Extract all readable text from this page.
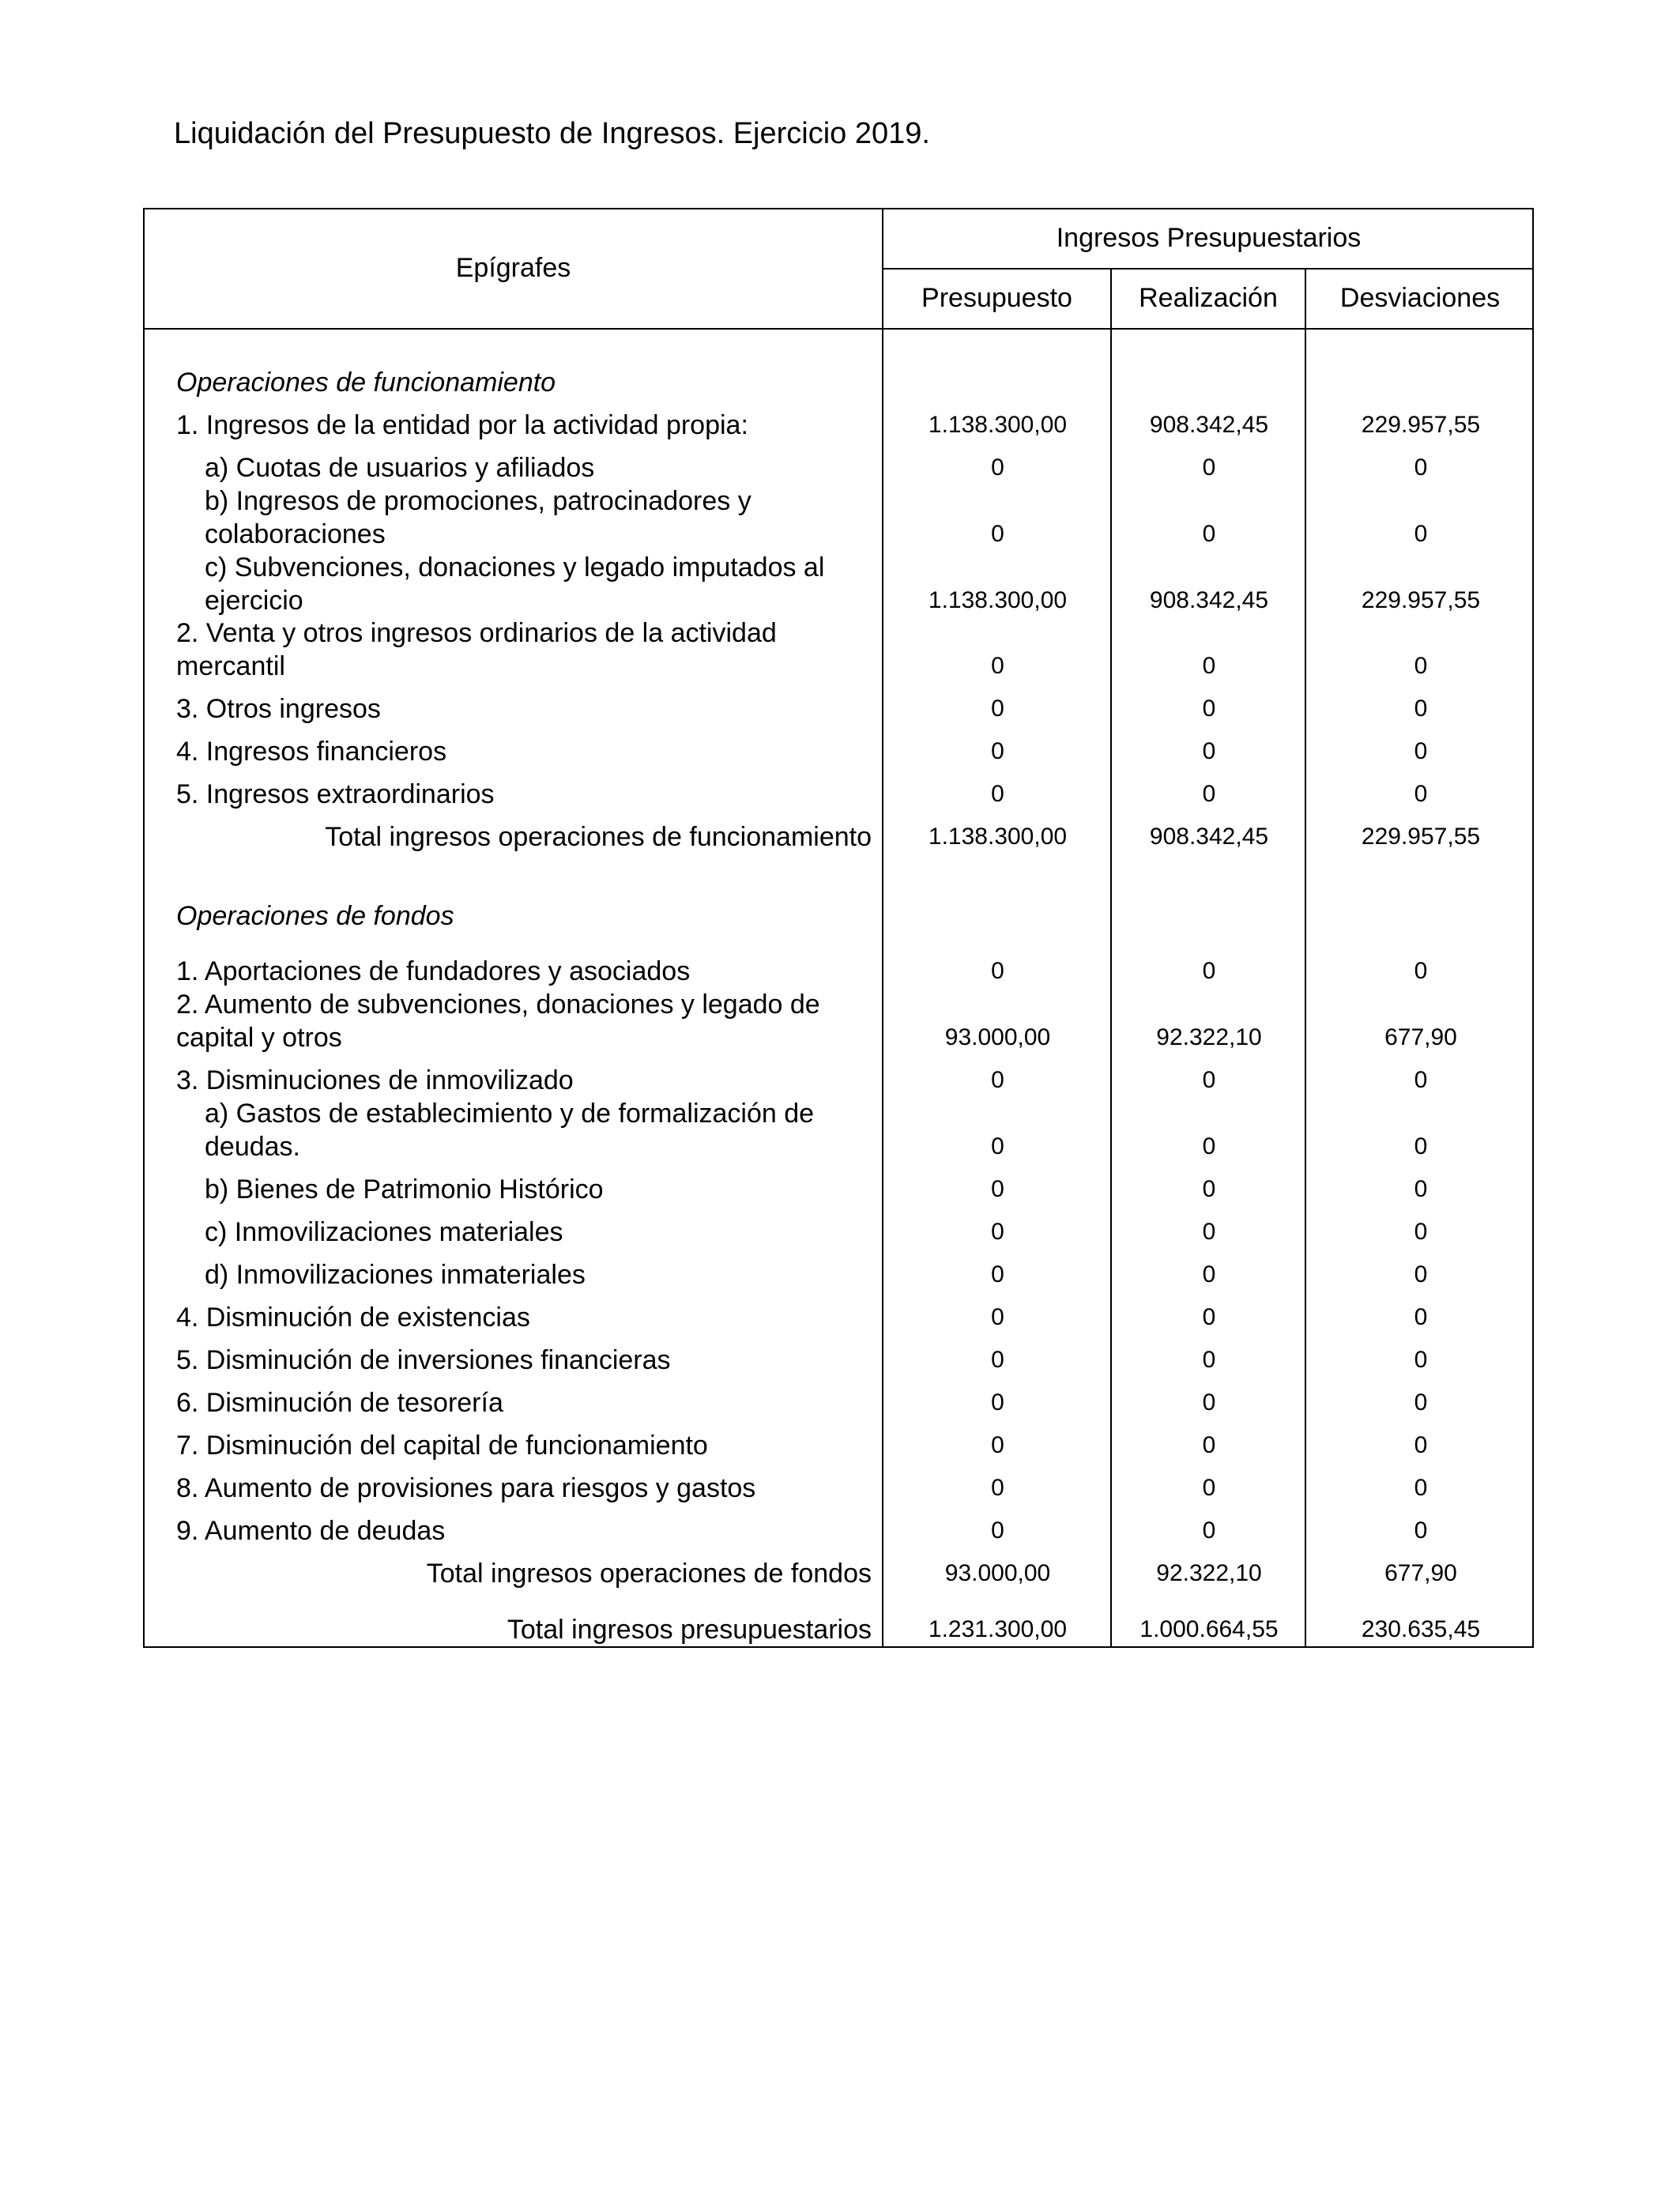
Liquidación del Presupuesto de Ingresos. Ejercicio 2019.
Epígrafes
Ingresos Presupuestarios
Presupuesto	Realización	Desviaciones
Operaciones de funcionamiento
1. Ingresos de la entidad por la actividad propia:	1.138.300,00	908.342,45	229.957,55
a) Cuotas de usuarios y afiliados	0	0	0
b) Ingresos de promociones, patrocinadores y
colaboraciones	0	0	0
c) Subvenciones, donaciones y legado imputados al
ejercicio	1.138.300,00	908.342,45	229.957,55
2. Venta y otros ingresos ordinarios de la actividad
mercantil	0	0	0
3. Otros ingresos	0	0	0
4. Ingresos financieros	0	0	0
5. Ingresos extraordinarios	0	0	0
Total ingresos operaciones de funcionamiento	1.138.300,00	908.342,45	229.957,55
Operaciones de fondos
1. Aportaciones de fundadores y asociados	0	0	0
2. Aumento de subvenciones, donaciones y legado de
capital y otros	93.000,00	92.322,10	677,90
3. Disminuciones de inmovilizado	0	0	0
a) Gastos de establecimiento y de formalización de
deudas.	0	0	0
b) Bienes de Patrimonio Histórico	0	0	0
c) Inmovilizaciones materiales	0	0	0
d) Inmovilizaciones inmateriales	0	0	0
4. Disminución de existencias	0	0	0
5. Disminución de inversiones financieras	0	0	0
6. Disminución de tesorería	0	0	0
7. Disminución del capital de funcionamiento	0	0	0
8. Aumento de provisiones para riesgos y gastos	0	0	0
9. Aumento de deudas	0	0	0
Total ingresos operaciones de fondos	93.000,00	92.322,10	677,90
Total ingresos presupuestarios	1.231.300,00	1.000.664,55	230.635,45
